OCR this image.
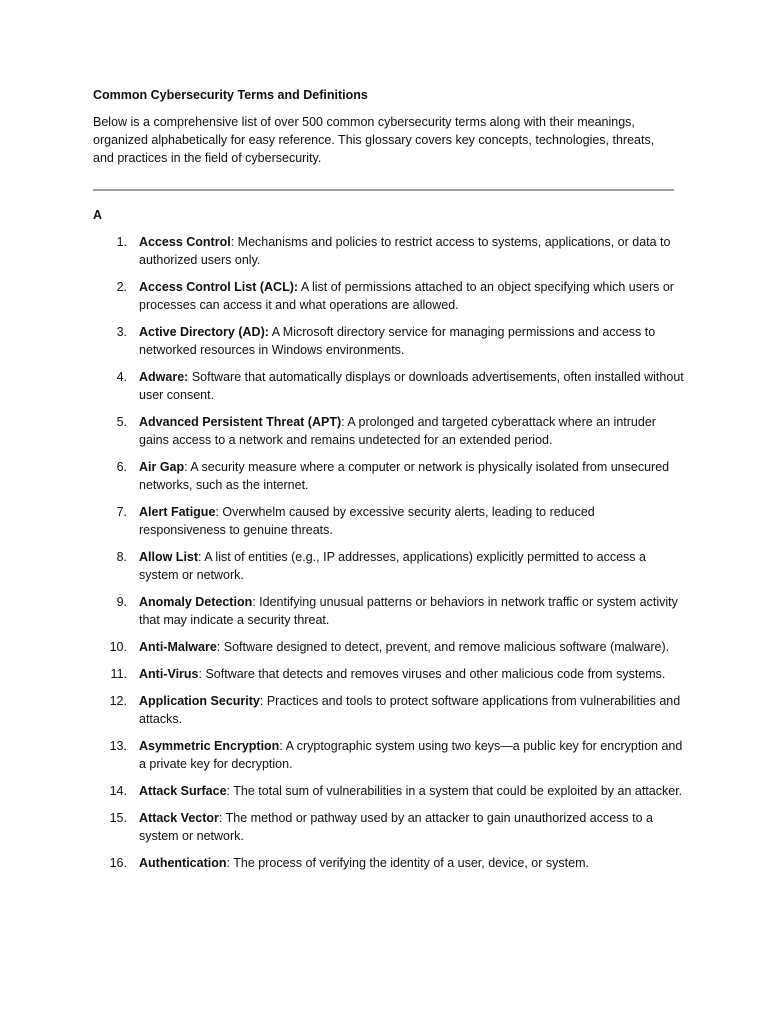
Common Cybersecurity Terms and Definitions

Below is a comprehensive list of over 500 common cybersecurity terms along with their meanings, organized alphabetically for easy reference. This glossary covers key concepts, technologies, threats, and practices in the field of cybersecurity.

A
1. Access Control: Mechanisms and policies to restrict access to systems, applications, or data to authorized users only.
2. Access Control List (ACL): A list of permissions attached to an object specifying which users or processes can access it and what operations are allowed.
3. Active Directory (AD): A Microsoft directory service for managing permissions and access to networked resources in Windows environments.
4. Adware: Software that automatically displays or downloads advertisements, often installed without user consent.
5. Advanced Persistent Threat (APT): A prolonged and targeted cyberattack where an intruder gains access to a network and remains undetected for an extended period.
6. Air Gap: A security measure where a computer or network is physically isolated from unsecured networks, such as the internet.
7. Alert Fatigue: Overwhelm caused by excessive security alerts, leading to reduced responsiveness to genuine threats.
8. Allow List: A list of entities (e.g., IP addresses, applications) explicitly permitted to access a system or network.
9. Anomaly Detection: Identifying unusual patterns or behaviors in network traffic or system activity that may indicate a security threat.
10. Anti-Malware: Software designed to detect, prevent, and remove malicious software (malware).
11. Anti-Virus: Software that detects and removes viruses and other malicious code from systems.
12. Application Security: Practices and tools to protect software applications from vulnerabilities and attacks.
13. Asymmetric Encryption: A cryptographic system using two keys—a public key for encryption and a private key for decryption.
14. Attack Surface: The total sum of vulnerabilities in a system that could be exploited by an attacker.
15. Attack Vector: The method or pathway used by an attacker to gain unauthorized access to a system or network.
16. Authentication: The process of verifying the identity of a user, device, or system.
